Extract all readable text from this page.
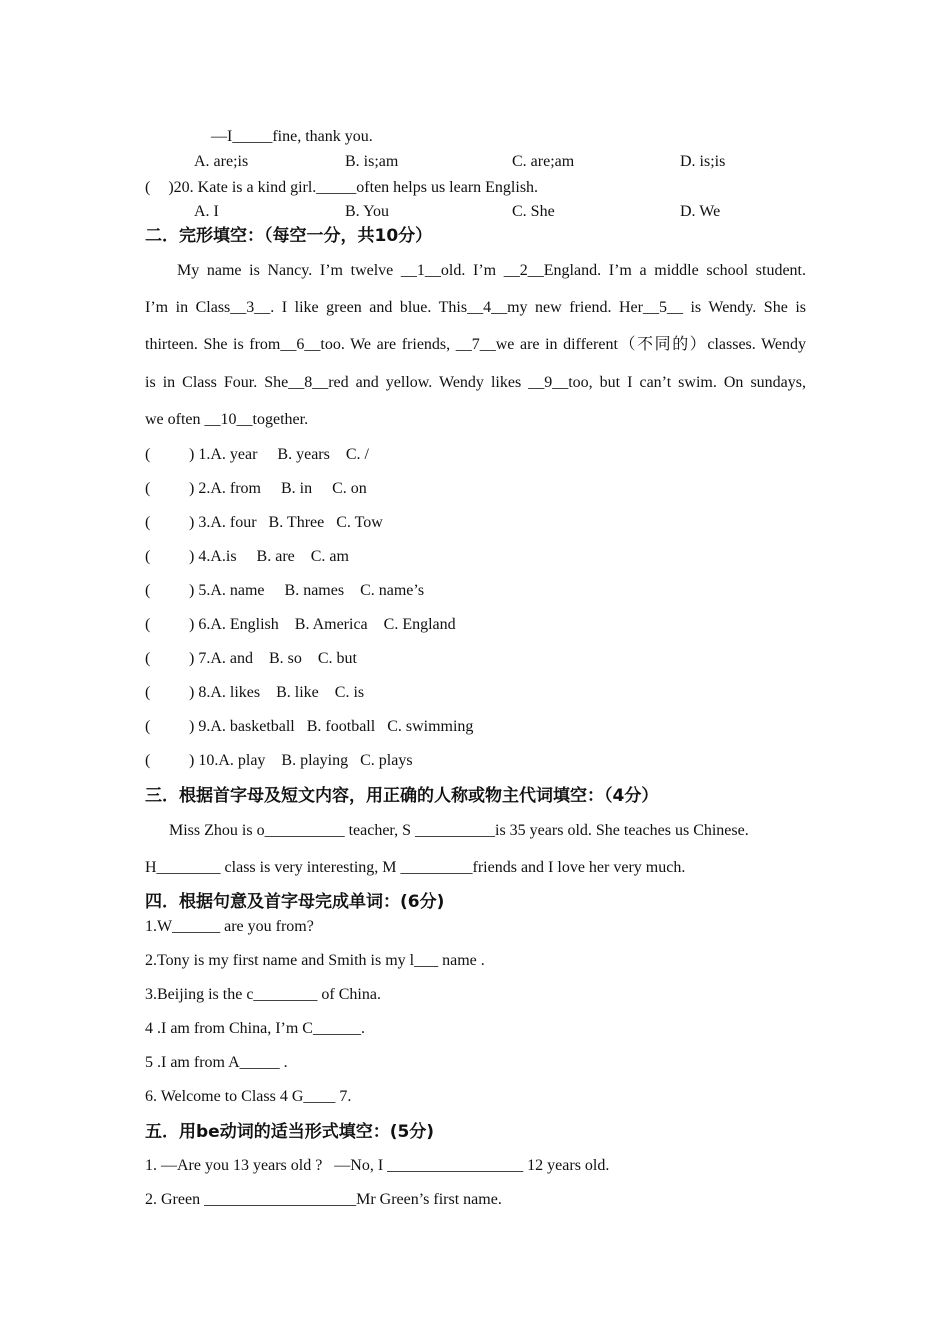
—I_____fine, thank you.
A. are;is	B. is;am	C. are;am	D. is;is
( )20. Kate is a kind girl._____often helps us learn English.
A. I	B. You	C. She	D. We
二．完形填空：（每空一分，共10分）
My name is Nancy. I’m twelve __1__old. I’m __2__England. I’m a middle school student.
I’m in Class__3__. I like green and blue. This__4__my new friend. Her__5__ is Wendy. She is
thirteen. She is from__6__too. We are friends, __7__we are in different（不同的）classes. Wendy
is in Class Four. She__8__red and yellow. Wendy likes __9__too, but I can’t swim. On sundays,
we often __10__together.
( ) 1.A. year     B. years    C. /
( ) 2.A. from     B. in     C. on
( ) 3.A. four   B. Three   C. Tow
( ) 4.A.is     B. are    C. am
( ) 5.A. name     B. names    C. name’s
( ) 6.A. English    B. America    C. England
( ) 7.A. and    B. so    C. but
( ) 8.A. likes    B. like    C. is
( ) 9.A. basketball   B. football   C. swimming
( ) 10.A. play    B. playing   C. plays
三．根据首字母及短文内容，用正确的人称或物主代词填空：（4分）
Miss Zhou is o__________ teacher, S __________is 35 years old. She teaches us Chinese.
H________ class is very interesting, M _________friends and I love her very much.
四．根据句意及首字母完成单词：(6分)
1.W______ are you from?
2.Tony is my first name and Smith is my l___ name .
3.Beijing is the c________ of China.
4 .I am from China, I’m C______.
5 .I am from A_____ .
6. Welcome to Class 4 G____ 7.
五．用be动词的适当形式填空：(5分)
1. —Are you 13 years old ?   —No, I _________________ 12 years old.
2. Green ___________________Mr Green’s first name.
